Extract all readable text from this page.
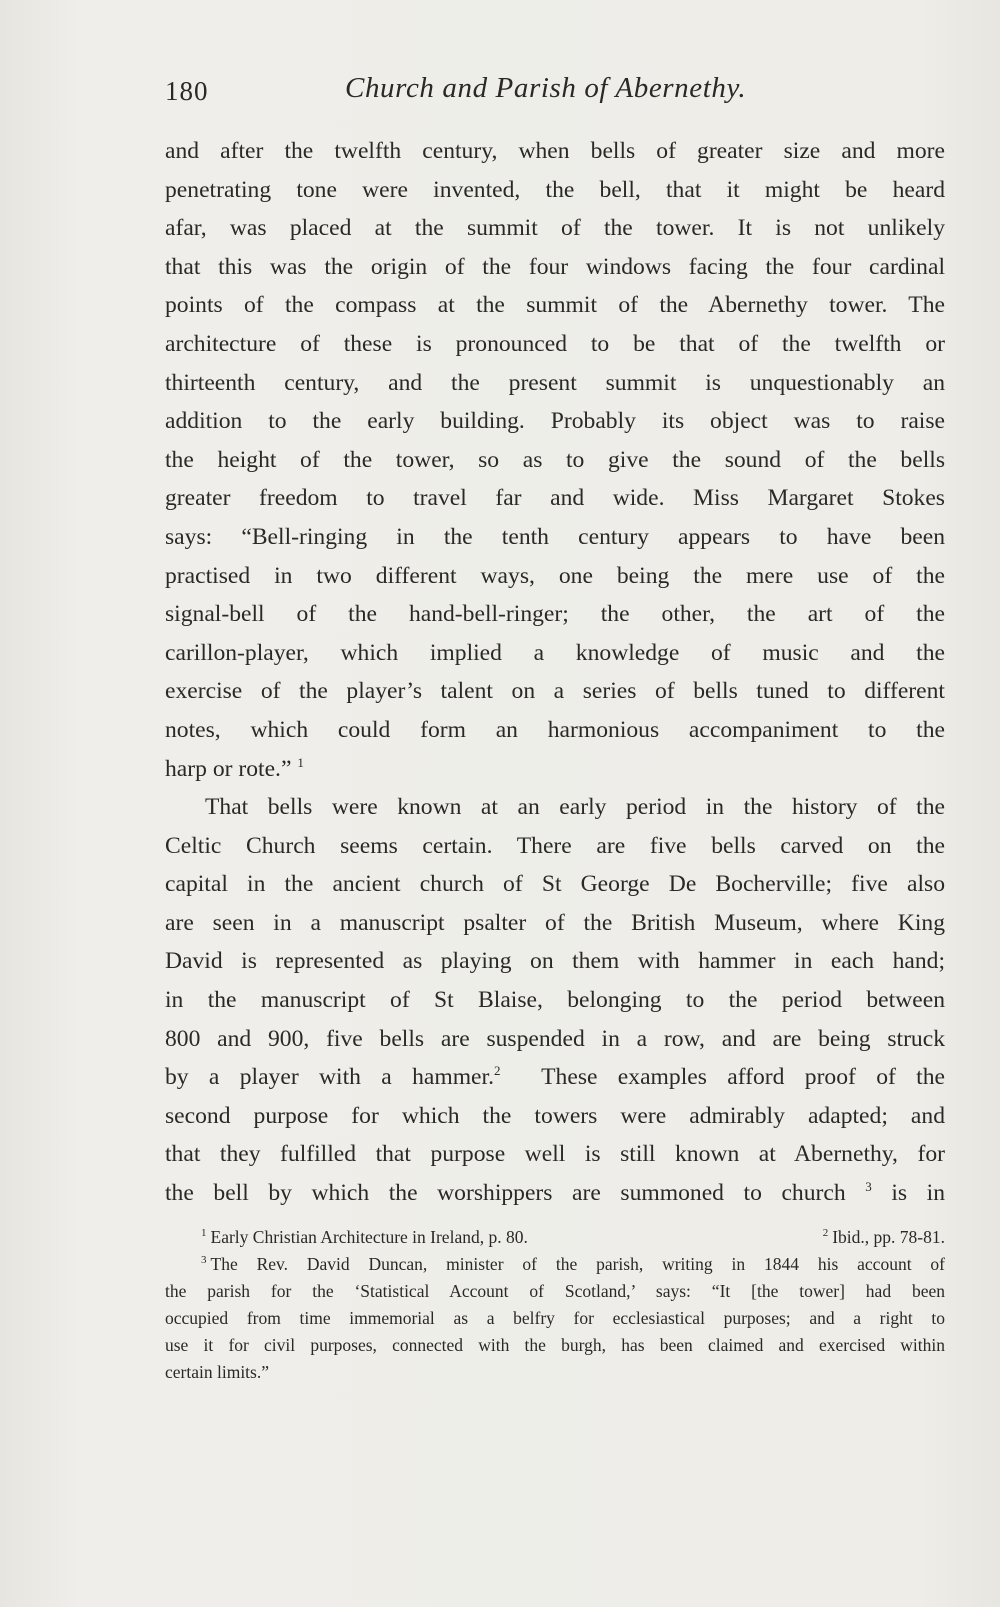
180	Church and Parish of Abernethy.

and after the twelfth century, when bells of greater size and more
penetrating tone were invented, the bell, that it might be heard
afar, was placed at the summit of the tower. It is not unlikely
that this was the origin of the four windows facing the four cardinal
points of the compass at the summit of the Abernethy tower. The
architecture of these is pronounced to be that of the twelfth or
thirteenth century, and the present summit is unquestionably an
addition to the early building. Probably its object was to raise
the height of the tower, so as to give the sound of the bells
greater freedom to travel far and wide. Miss Margaret Stokes
says: “Bell-ringing in the tenth century appears to have been
practised in two different ways, one being the mere use of the
signal-bell of the hand-bell-ringer; the other, the art of the
carillon-player, which implied a knowledge of music and the
exercise of the player’s talent on a series of bells tuned to different
notes, which could form an harmonious accompaniment to the
harp or rote.” $^1$

That bells were known at an early period in the history of the
Celtic Church seems certain. There are five bells carved on the
capital in the ancient church of St George De Bocherville; five also
are seen in a manuscript psalter of the British Museum, where King
David is represented as playing on them with hammer in each hand;
in the manuscript of St Blaise, belonging to the period between
800 and 900, five bells are suspended in a row, and are being struck
by a player with a hammer.$^2$ These examples afford proof of the
second purpose for which the towers were admirably adapted; and
that they fulfilled that purpose well is still known at Abernethy, for
the bell by which the worshippers are summoned to church $^3$ is in

$^1$ Early Christian Architecture in Ireland, p. 80.	$^2$ Ibid., pp. 78-81.
$^3$ The Rev. David Duncan, minister of the parish, writing in 1844 his account of
the parish for the ‘Statistical Account of Scotland,’ says: “It [the tower] had been
occupied from time immemorial as a belfry for ecclesiastical purposes; and a right to
use it for civil purposes, connected with the burgh, has been claimed and exercised within
certain limits.”
